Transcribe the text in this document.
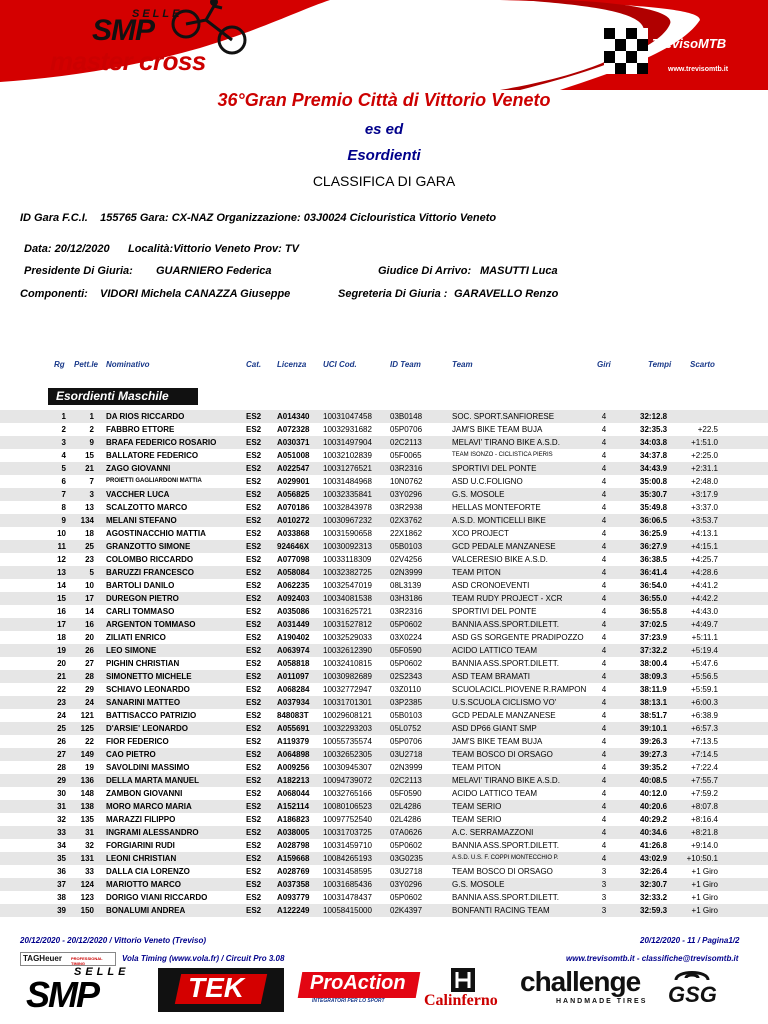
SELLE
SMP
master cross
TrevisoMTB
www.trevisomtb.it
36°Gran Premio Città di Vittorio Veneto
es ed
Esordienti
CLASSIFICA DI GARA
ID Gara F.C.I. 155765 Gara: CX-NAZ Organizzazione: 03J0024 Ciclouristica Vittorio Veneto
Data: 20/12/2020 Località:Vittorio Veneto Prov: TV
Presidente Di Giuria: GUARNIERO Federica	Giudice Di Arrivo: MASUTTI Luca
Componenti: VIDORI Michela CANAZZA Giuseppe	Segreteria Di Giuria : GARAVELLO Renzo
Rg Pett.le Nominativo	Cat. Licenza UCI Cod.	ID Team	Team	Giri	Tempi Scarto
Esordienti Maschile
1	1 DA RIOS RICCARDO	ES2 A014340 10031047458 03B0148	SOC. SPORT.SANFIORESE	4	32:12.8
2	2 FABBRO ETTORE	ES2 A072328 10032931682 05P0706	JAM'S BIKE TEAM BUJA	4	32:35.3	+22.5
3	9 BRAFA FEDERICO ROSARIO	ES2 A030371 10031497904 02C2113	MELAVI' TIRANO BIKE A.S.D.	4	34:03.8	+1:51.0
4	15 BALLATORE FEDERICO	ES2 A051008 10032102839 05F0065	TEAM ISONZO - CICLISTICA PIERIS	4	34:37.8	+2:25.0
5	21 ZAGO GIOVANNI	ES2 A022547 10031276521 03R2316	SPORTIVI DEL PONTE	4	34:43.9	+2:31.1
6	7 PROIETTI GAGLIARDONI MATTIA	ES2 A029901 10031484968 10N0762	ASD U.C.FOLIGNO	4	35:00.8	+2:48.0
7	3 VACCHER LUCA	ES2 A056825 10032335841 03Y0296	G.S. MOSOLE	4	35:30.7	+3:17.9
8	13 SCALZOTTO MARCO	ES2 A070186 10032843978 03R2938	HELLAS MONTEFORTE	4	35:49.8	+3:37.0
9	134 MELANI STEFANO	ES2 A010272 10030967232 02X3762	A.S.D. MONTICELLI BIKE	4	36:06.5	+3:53.7
10	18 AGOSTINACCHIO MATTIA	ES2 A033868 10031590658 22X1862	XCO PROJECT	4	36:25.9	+4:13.1
11	25 GRANZOTTO SIMONE	ES2 924646X 10030092313 05B0103	GCD PEDALE MANZANESE	4	36:27.9	+4:15.1
12	23 COLOMBO RICCARDO	ES2 A077098 10033118309 02V4256	VALCERESIO BIKE A.S.D.	4	36:38.5	+4:25.7
13	5 BARUZZI FRANCESCO	ES2 A058084 10032382725 02N3999	TEAM PITON	4	36:41.4	+4:28.6
14	10 BARTOLI DANILO	ES2 A062235 10032547019 08L3139	ASD CRONOEVENTI	4	36:54.0	+4:41.2
15	17 DUREGON PIETRO	ES2 A092403 10034081538 03H3186	TEAM RUDY PROJECT - XCR	4	36:55.0	+4:42.2
16	14 CARLI TOMMASO	ES2 A035086 10031625721 03R2316	SPORTIVI DEL PONTE	4	36:55.8	+4:43.0
17	16 ARGENTON TOMMASO	ES2 A031449 10031527812 05P0602	BANNIA ASS.SPORT.DILETT.	4	37:02.5	+4:49.7
18	20 ZILIATI ENRICO	ES2 A190402 10032529033 03X0224	ASD GS SORGENTE PRADIPOZZO	4	37:23.9	+5:11.1
19	26 LEO SIMONE	ES2 A063974 10032612390 05F0590	ACIDO LATTICO TEAM	4	37:32.2	+5:19.4
20	27 PIGHIN CHRISTIAN	ES2 A058818 10032410815 05P0602	BANNIA ASS.SPORT.DILETT.	4	38:00.4	+5:47.6
21	28 SIMONETTO MICHELE	ES2 A011097 10030982689 02S2343	ASD TEAM BRAMATI	4	38:09.3	+5:56.5
22	29 SCHIAVO LEONARDO	ES2 A068284 10032772947 03Z0110	SCUOLACICL.PIOVENE R.RAMPON	4	38:11.9	+5:59.1
23	24 SANARINI MATTEO	ES2 A037934 10031701301 03P2385	U.S.SCUOLA CICLISMO VO'	4	38:13.1	+6:00.3
24	121 BATTISACCO PATRIZIO	ES2 848083T 10029608121 05B0103	GCD PEDALE MANZANESE	4	38:51.7	+6:38.9
25	125 D'ARSIE' LEONARDO	ES2 A055691 10032293203 05L0752	ASD DP66 GIANT SMP	4	39:10.1	+6:57.3
26	22 FIOR FEDERICO	ES2 A119379 10055735574 05P0706	JAM'S BIKE TEAM BUJA	4	39:26.3	+7:13.5
27	149 CAO PIETRO	ES2 A064898 10032652305 03U2718	TEAM BOSCO DI ORSAGO	4	39:27.3	+7:14.5
28	19 SAVOLDINI MASSIMO	ES2 A009256 10030945307 02N3999	TEAM PITON	4	39:35.2	+7:22.4
29	136 DELLA MARTA MANUEL	ES2 A182213 10094739072 02C2113	MELAVI' TIRANO BIKE A.S.D.	4	40:08.5	+7:55.7
30	148 ZAMBON GIOVANNI	ES2 A068044 10032765166 05F0590	ACIDO LATTICO TEAM	4	40:12.0	+7:59.2
31	138 MORO MARCO MARIA	ES2 A152114 10080106523 02L4286	TEAM SERIO	4	40:20.6	+8:07.8
32	135 MARAZZI FILIPPO	ES2 A186823 10097752540 02L4286	TEAM SERIO	4	40:29.2	+8:16.4
33	31 INGRAMI ALESSANDRO	ES2 A038005 10031703725 07A0626	A.C. SERRAMAZZONI	4	40:34.6	+8:21.8
34	32 FORGIARINI RUDI	ES2 A028798 10031459710 05P0602	BANNIA ASS.SPORT.DILETT.	4	41:26.8	+9:14.0
35	131 LEONI CHRISTIAN	ES2 A159668 10084265193 03G0235	A.S.D. U.S. F. COPPI MONTECCHIO P.	4	43:02.9	+10:50.1
36	33 DALLA CIA LORENZO	ES2 A028769 10031458595 03U2718	TEAM BOSCO DI ORSAGO	3	32:26.4	+1 Giro
37	124 MARIOTTO MARCO	ES2 A037358 10031685436 03Y0296	G.S. MOSOLE	3	32:30.7	+1 Giro
38	123 DORIGO VIANI RICCARDO	ES2 A093779 10031478437 05P0602	BANNIA ASS.SPORT.DILETT.	3	32:33.2	+1 Giro
39	150 BONALUMI ANDREA	ES2 A122249 10058415000 02K4397	BONFANTI RACING TEAM	3	32:59.3	+1 Giro
20/12/2020 - 20/12/2020 / Vittorio Veneto (Treviso)	20/12/2020 - 11 / Pagina1/2
TAGHeuer PROFESSIONAL TIMING
Vola Timing (www.vola.fr) / Circuit Pro 3.08	www.trevisomtb.it - classifiche@trevisomtb.it
SELLE
SMP	TEK	ProAction
INTEGRATORI PER LO SPORT Calinferno
challenge
HANDMADE TIRES GSG
